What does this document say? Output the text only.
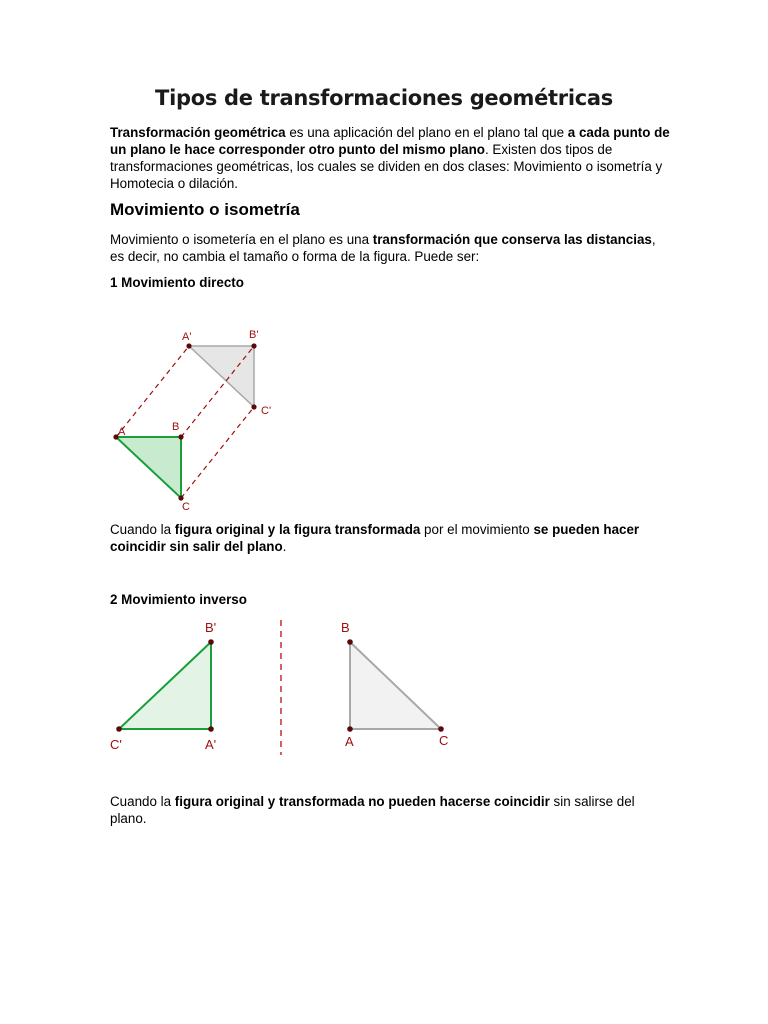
Tipos de transformaciones geométricas
Transformación geométrica es una aplicación del plano en el plano tal que a cada punto de un plano le hace corresponder otro punto del mismo plano. Existen dos tipos de transformaciones geométricas, los cuales se dividen en dos clases: Movimiento o isometría y Homotecia o dilación.
Movimiento o isometría
Movimiento o isometería en el plano es una transformación que conserva las distancias, es decir, no cambia el tamaño o forma de la figura. Puede ser:
1 Movimiento directo
A	B
C
A'	B'
C'
Cuando la figura original y la figura transformada por el movimiento se pueden hacer coincidir sin salir del plano.
2 Movimiento inverso
B'
C'	A'
B
A	C
Cuando la figura original y transformada no pueden hacerse coincidir sin salirse del plano.
